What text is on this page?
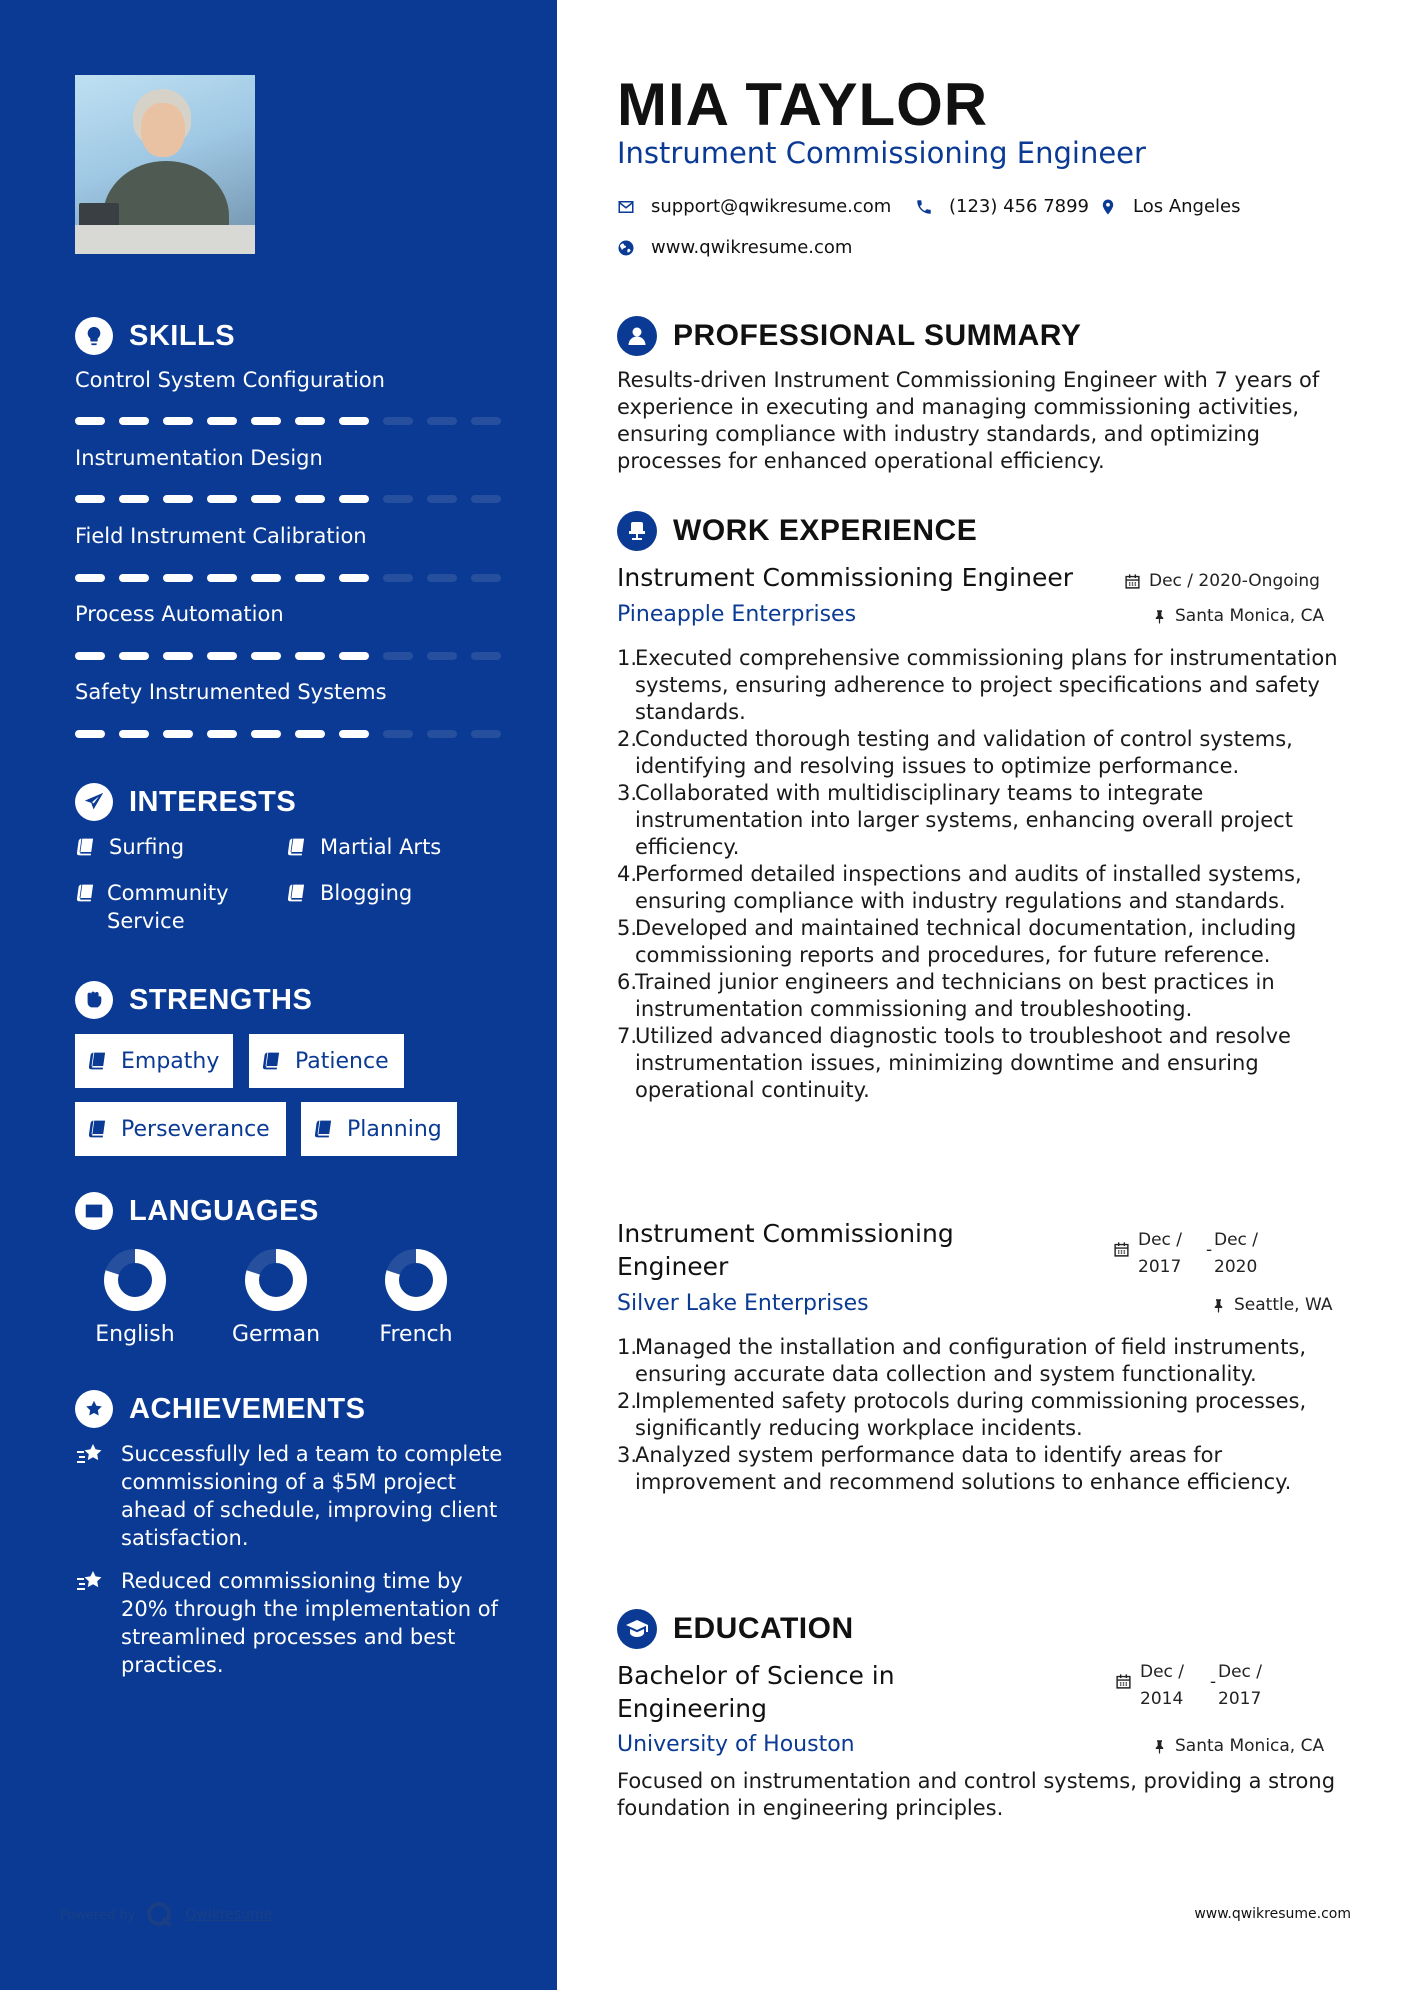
SKILLS
Control System Configuration
Instrumentation Design
Field Instrument Calibration
Process Automation
Safety Instrumented Systems
INTERESTS
Surfing	Martial Arts
Community Service
Blogging
STRENGTHS
Empathy	Patience
Perseverance	Planning
LANGUAGES
English	German	French
ACHIEVEMENTS
Successfully led a team to complete commissioning of a $5M project ahead of schedule, improving client satisfaction.
Reduced commissioning time by 20% through the implementation of streamlined processes and best practices.
Powered by	Qwikresume
MIA TAYLOR
Instrument Commissioning Engineer
support@qwikresume.com	(123) 456 7899 Los Angeles
www.qwikresume.com
PROFESSIONAL SUMMARY
Results-driven Instrument Commissioning Engineer with 7 years of experience in executing and managing commissioning activities, ensuring compliance with industry standards, and optimizing processes for enhanced operational efficiency.
WORK EXPERIENCE
Instrument Commissioning Engineer	Dec / 2020-Ongoing
Pineapple Enterprises	Santa Monica, CA
1.
Executed comprehensive commissioning plans for instrumentation systems, ensuring adherence to project specifications and safety standards.
2.
Conducted thorough testing and validation of control systems, identifying and resolving issues to optimize performance.
3.
Collaborated with multidisciplinary teams to integrate instrumentation into larger systems, enhancing overall project efficiency.
4.
Performed detailed inspections and audits of installed systems, ensuring compliance with industry regulations and standards.
5.
Developed and maintained technical documentation, including commissioning reports and procedures, for future reference.
6.
Trained junior engineers and technicians on best practices in instrumentation commissioning and troubleshooting.
7.
Utilized advanced diagnostic tools to troubleshoot and resolve instrumentation issues, minimizing downtime and ensuring operational continuity.
Instrument Commissioning Engineer
Dec / 2017
- Dec / 2020
Silver Lake Enterprises	Seattle, WA
1.
Managed the installation and configuration of field instruments, ensuring accurate data collection and system functionality.
2.
Implemented safety protocols during commissioning processes, significantly reducing workplace incidents.
3.
Analyzed system performance data to identify areas for improvement and recommend solutions to enhance efficiency.
EDUCATION
Bachelor of Science in Engineering
Dec / 2014
- Dec / 2017
University of Houston	Santa Monica, CA
Focused on instrumentation and control systems, providing a strong foundation in engineering principles.
www.qwikresume.com
